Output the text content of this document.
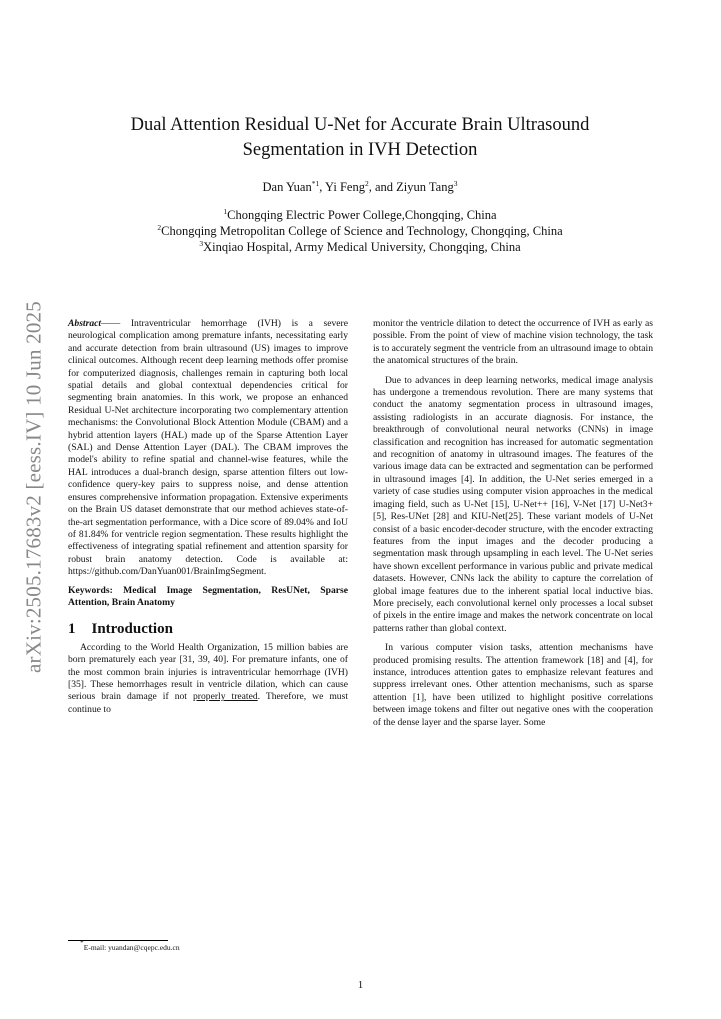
Dual Attention Residual U-Net for Accurate Brain Ultrasound
Segmentation in IVH Detection
Dan Yuan$^{*1}$, Yi Feng$^2$, and Ziyun Tang$^3$
$^1$Chongqing Electric Power College,Chongqing, China
$^2$Chongqing Metropolitan College of Science and Technology, Chongqing, China
$^3$Xinqiao Hospital, Army Medical University, Chongqing, China
arXiv:2505.17683v2 [eess.IV] 10 Jun 2025 Abstract—— Intraventricular hemorrhage (IVH) is a severe neurological complication among premature infants, necessitating early and accurate detection from brain ultrasound (US) images to improve clinical outcomes. Although recent deep learning methods offer promise for computerized diagnosis, challenges remain in capturing both local spatial details and global contextual dependencies critical for segmenting brain anatomies. In this work, we propose an enhanced Residual U-Net architecture incorporating two complementary attention mechanisms: the Convolutional Block Attention Module (CBAM) and a hybrid attention layers (HAL) made up of the Sparse Attention Layer (SAL) and Dense Attention Layer (DAL). The CBAM improves the model's ability to refine spatial and channel-wise features, while the HAL introduces a dual-branch design, sparse attention filters out low-confidence query-key pairs to suppress noise, and dense attention ensures comprehensive information propagation. Extensive experiments on the Brain US dataset demonstrate that our method achieves state-of-the-art segmentation performance, with a Dice score of 89.04% and IoU of 81.84% for ventricle region segmentation. These results highlight the effectiveness of integrating spatial refinement and attention sparsity for robust brain anatomy detection. Code is available at: https://github.com/DanYuan001/BrainImgSegment.

Keywords: Medical Image Segmentation, ResUNet, Sparse Attention, Brain Anatomy

1 Introduction

According to the World Health Organization, 15 million babies are born prematurely each year [31, 39, 40]. For premature infants, one of the most common brain injuries is intraventricular hemorrhage (IVH) [35]. These hemorrhages result in ventricle dilation, which can cause serious brain damage if not properly treated. Therefore, we must continue to

monitor the ventricle dilation to detect the occurrence of IVH as early as possible. From the point of view of machine vision technology, the task is to accurately segment the ventricle from an ultrasound image to obtain the anatomical structures of the brain.

Due to advances in deep learning networks, medical image analysis has undergone a tremendous revolution. There are many systems that conduct the anatomy segmentation process in ultrasound images, assisting radiologists in an accurate diagnosis. For instance, the breakthrough of convolutional neural networks (CNNs) in image classification and recognition has increased for automatic segmentation and recognition of anatomy in ultrasound images. The features of the various image data can be extracted and segmentation can be performed in ultrasound images [4]. In addition, the U-Net series emerged in a variety of case studies using computer vision approaches in the medical imaging field, such as U-Net [15], U-Net++ [16], V-Net [17] U-Net3+ [5], Res-UNet [28] and KIU-Net[25]. These variant models of U-Net consist of a basic encoder-decoder structure, with the encoder extracting features from the input images and the decoder producing a segmentation mask through upsampling in each level. The U-Net series have shown excellent performance in various public and private medical datasets. However, CNNs lack the ability to capture the correlation of global image features due to the inherent spatial local inductive bias. More precisely, each convolutional kernel only processes a local subset of pixels in the entire image and makes the network concentrate on local patterns rather than global context.

In various computer vision tasks, attention mechanisms have produced promising results. The attention framework [18] and [4], for instance, introduces attention gates to emphasize relevant features and suppress irrelevant ones. Other attention mechanisms, such as sparse attention [1], have been utilized to highlight positive correlations between image tokens and filter out negative ones with the cooperation of the dense layer and the sparse layer. Some

*E-mail: yuandan@cqepc.edu.cn
1
